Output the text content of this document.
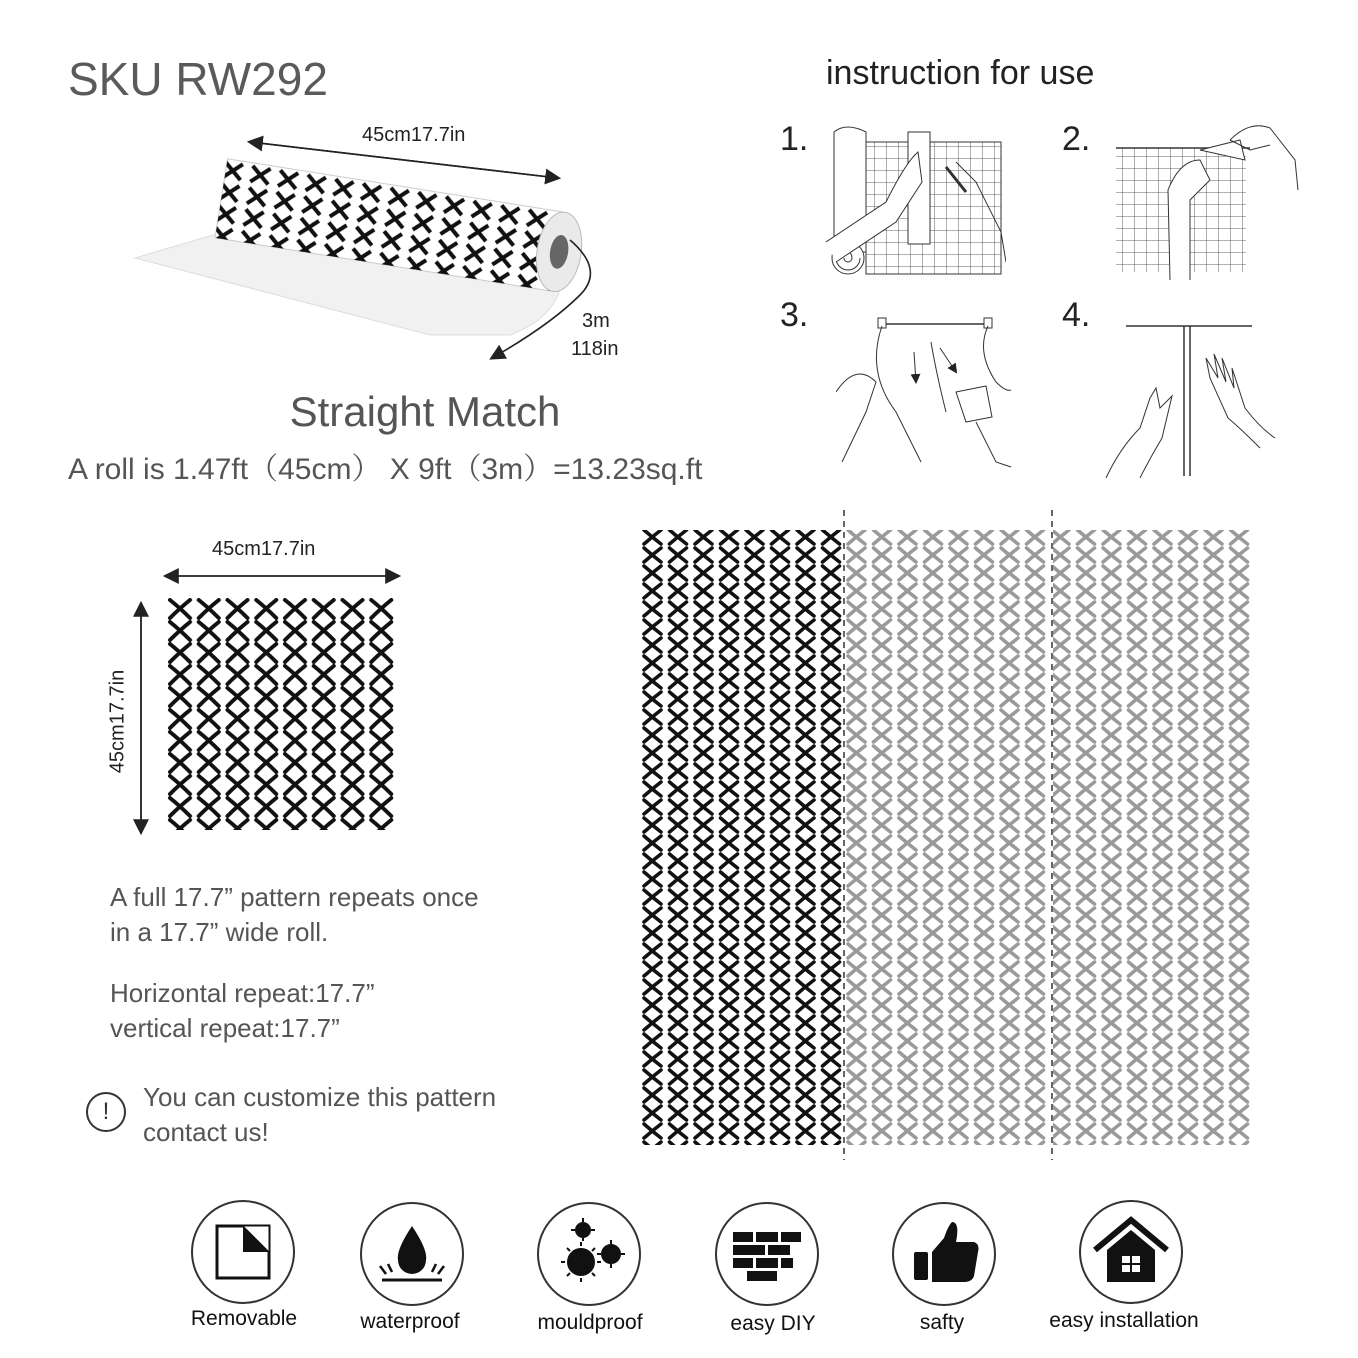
SKU RW292
45cm17.7in
3m
118in
Straight Match
A roll is 1.47ft（45cm） X 9ft（3m）=13.23sq.ft
instruction for use
1.	2.
3.	4.
45cm17.7in
45cm17.7in
A full 17.7” pattern repeats once
in a 17.7” wide roll.
Horizontal repeat:17.7”
vertical repeat:17.7”
!	You can customize this pattern
contact us!
Removable	waterproof	mouldproof	easy DIY	safty	easy installation
